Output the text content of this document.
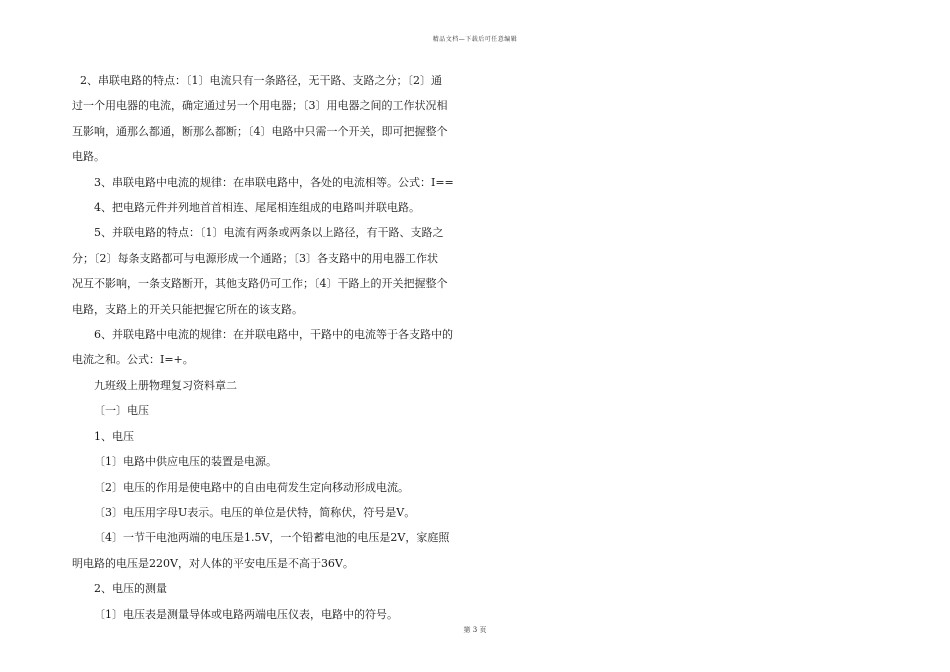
精品文档—下载后可任意编辑

2、串联电路的特点：〔1〕电流只有一条路径，无干路、支路之分；〔2〕通

过一个用电器的电流，确定通过另一个用电器；〔3〕用电器之间的工作状况相

互影响，通那么都通，断那么都断；〔4〕电路中只需一个开关，即可把握整个

电路。

3、串联电路中电流的规律：在串联电路中，各处的电流相等。公式：I==

4、把电路元件并列地首首相连、尾尾相连组成的电路叫并联电路。

5、并联电路的特点：〔1〕电流有两条或两条以上路径，有干路、支路之

分；〔2〕每条支路都可与电源形成一个通路；〔3〕各支路中的用电器工作状

况互不影响，一条支路断开，其他支路仍可工作；〔4〕干路上的开关把握整个

电路，支路上的开关只能把握它所在的该支路。

6、并联电路中电流的规律：在并联电路中，干路中的电流等于各支路中的

电流之和。公式：I=+。

九班级上册物理复习资料章二

〔一〕电压

1、电压

〔1〕电路中供应电压的装置是电源。

〔2〕电压的作用是使电路中的自由电荷发生定向移动形成电流。

〔3〕电压用字母U表示。电压的单位是伏特，简称伏，符号是V。

〔4〕一节干电池两端的电压是1.5V，一个铅蓄电池的电压是2V，家庭照

明电路的电压是220V，对人体的平安电压是不高于36V。

2、电压的测量

〔1〕电压表是测量导体或电路两端电压仪表，电路中的符号。

第 3 页
